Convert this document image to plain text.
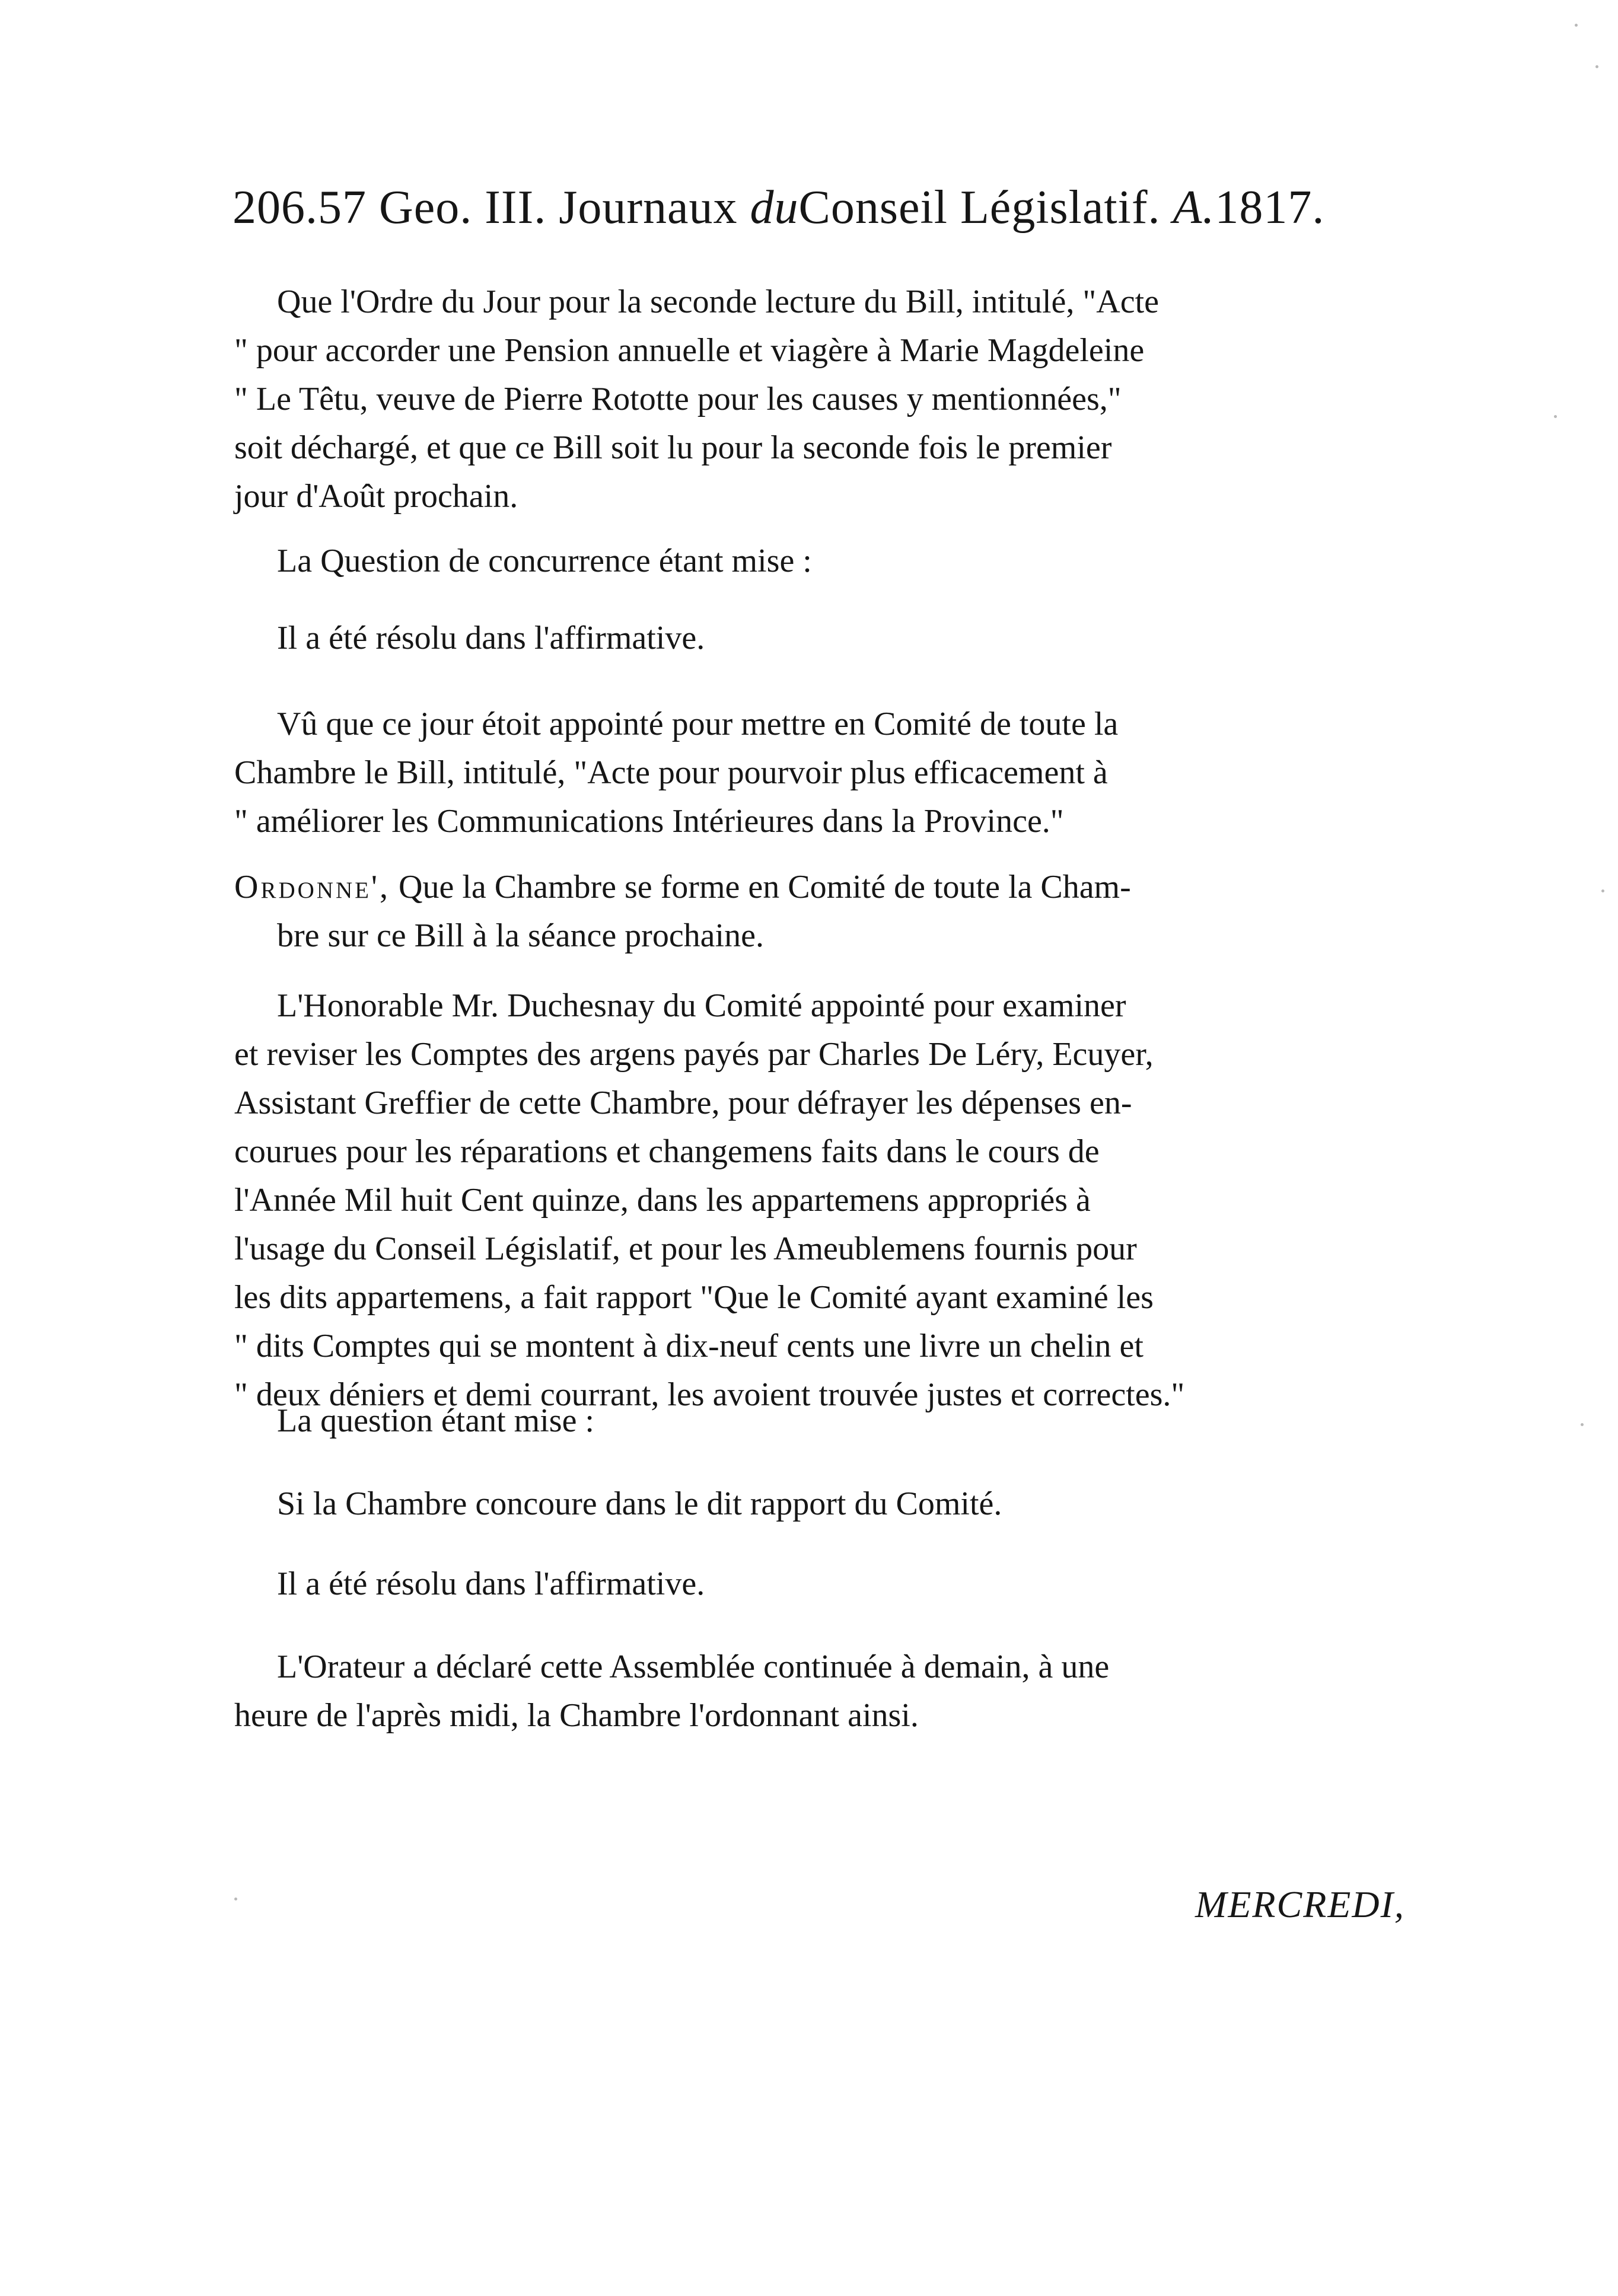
206.57 Geo. III. Journaux duConseil Législatif. A.1817.
Que l'Ordre du Jour pour la seconde lecture du Bill, intitulé, "Acte
" pour accorder une Pension annuelle et viagère à Marie Magdeleine
" Le Têtu, veuve de Pierre Rototte pour les causes y mentionnées,"
soit déchargé, et que ce Bill soit lu pour la seconde fois le premier
jour d'Août prochain.
La Question de concurrence étant mise :
Il a été résolu dans l'affirmative.
Vû que ce jour étoit appointé pour mettre en Comité de toute la
Chambre le Bill, intitulé, "Acte pour pourvoir plus efficacement à
" améliorer les Communications Intérieures dans la Province."
Ordonne', Que la Chambre se forme en Comité de toute la Cham-
bre sur ce Bill à la séance prochaine.
L'Honorable Mr. Duchesnay du Comité appointé pour examiner
et reviser les Comptes des argens payés par Charles De Léry, Ecuyer,
Assistant Greffier de cette Chambre, pour défrayer les dépenses en-
courues pour les réparations et changemens faits dans le cours de
l'Année Mil huit Cent quinze, dans les appartemens appropriés à
l'usage du Conseil Législatif, et pour les Ameublemens fournis pour
les dits appartemens, a fait rapport "Que le Comité ayant examiné les
" dits Comptes qui se montent à dix-neuf cents une livre un chelin et
" deux déniers et demi courrant, les avoient trouvée justes et correctes."
La question étant mise :
Si la Chambre concoure dans le dit rapport du Comité.
Il a été résolu dans l'affirmative.
L'Orateur a déclaré cette Assemblée continuée à demain, à une
heure de l'après midi, la Chambre l'ordonnant ainsi.
MERCREDI,
